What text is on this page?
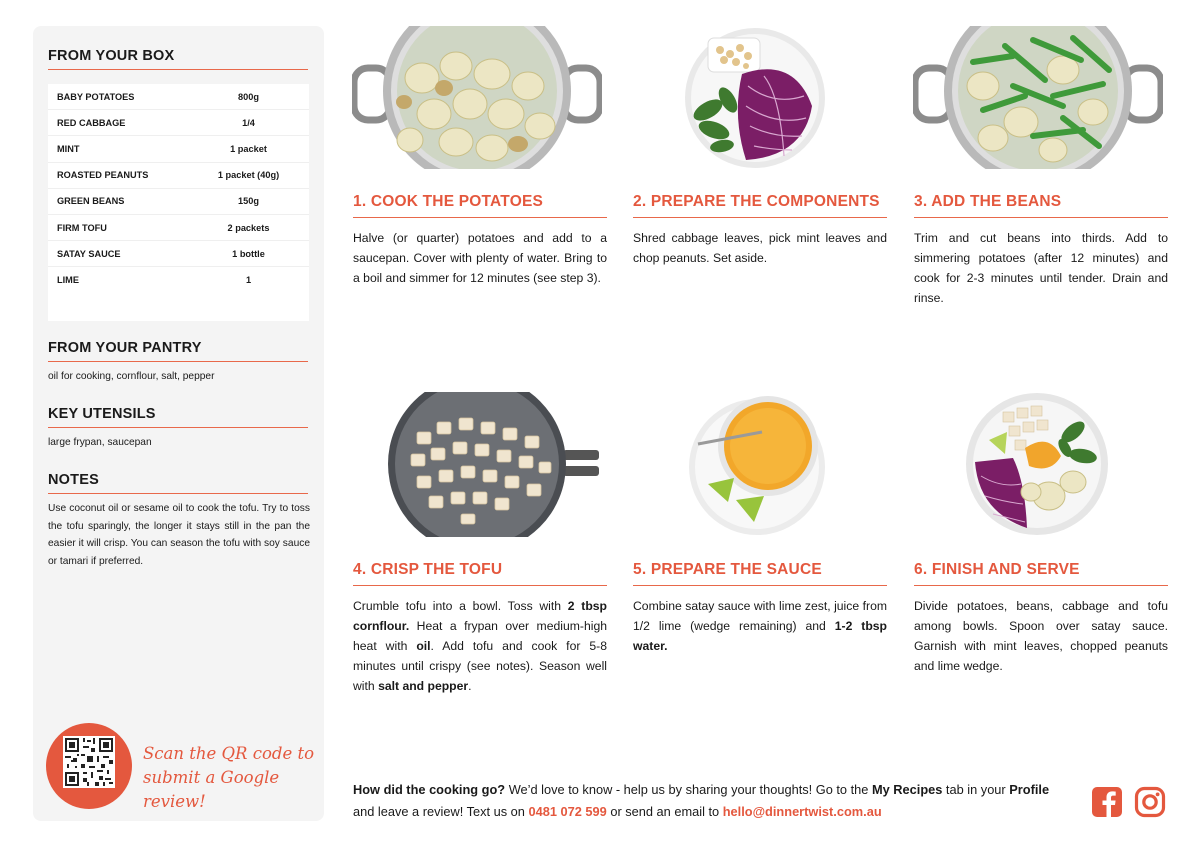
FROM YOUR BOX
BABY POTATOES	800g
RED CABBAGE	1/4
MINT	1 packet
ROASTED PEANUTS	1 packet (40g)
GREEN BEANS	150g
FIRM TOFU	2 packets
SATAY SAUCE	1 bottle
LIME	1
FROM YOUR PANTRY
oil for cooking, cornflour, salt, pepper
KEY UTENSILS
large frypan, saucepan
NOTES
Use coconut oil or sesame oil to cook the tofu. Try to toss the tofu sparingly, the longer it stays still in the pan the easier it will crisp. You can season the tofu with soy sauce or tamari if preferred.
Scan the QR code to
submit a Google review!
1. COOK THE POTATOES
Halve (or quarter) potatoes and add to a saucepan. Cover with plenty of water. Bring to a boil and simmer for 12 minutes (see step 3).
2. PREPARE THE COMPONENTS
Shred cabbage leaves, pick mint leaves and chop peanuts. Set aside.
3. ADD THE BEANS
Trim and cut beans into thirds. Add to simmering potatoes (after 12 minutes) and cook for 2-3 minutes until tender. Drain and rinse.
4. CRISP THE TOFU
Crumble tofu into a bowl. Toss with 2 tbsp cornflour. Heat a frypan over medium-high heat with oil. Add tofu and cook for 5-8 minutes until crispy (see notes). Season well with salt and pepper.
5. PREPARE THE SAUCE
Combine satay sauce with lime zest, juice from 1/2 lime (wedge remaining) and 1-2 tbsp water.
6. FINISH AND SERVE
Divide potatoes, beans, cabbage and tofu among bowls. Spoon over satay sauce. Garnish with mint leaves, chopped peanuts and lime wedge.
How did the cooking go? We’d love to know - help us by sharing your thoughts! Go to the My Recipes tab in your Profile and leave a review! Text us on 0481 072 599 or send an email to hello@dinnertwist.com.au
